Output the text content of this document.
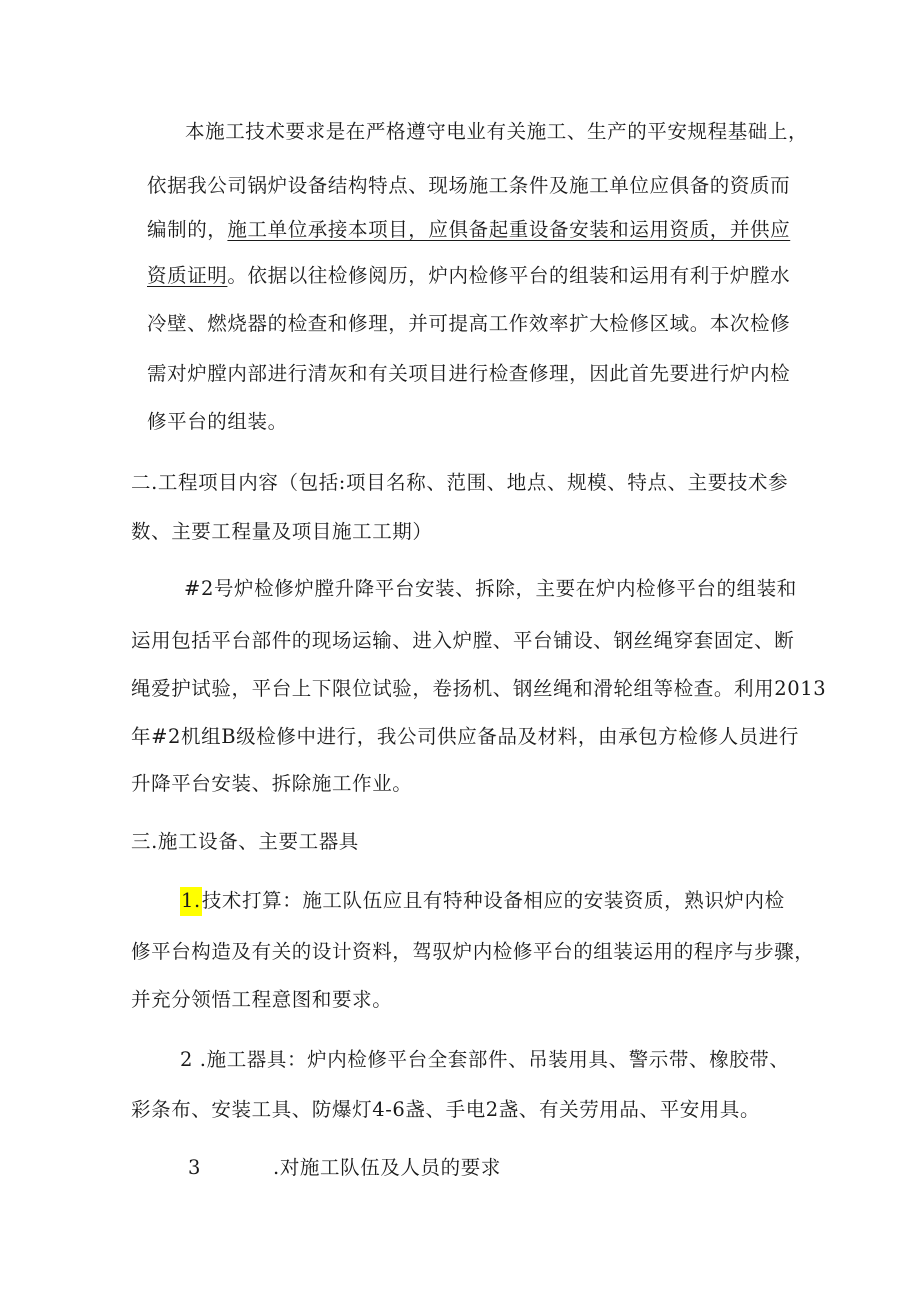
本施工技术要求是在严格遵守电业有关施工、生产的平安规程基础上，
依据我公司锅炉设备结构特点、现场施工条件及施工单位应俱备的资质而
编制的，施工单位承接本项目，应俱备起重设备安装和运用资质，并供应
资质证明。依据以往检修阅历，炉内检修平台的组装和运用有利于炉膛水
冷壁、燃烧器的检查和修理，并可提高工作效率扩大检修区域。本次检修
需对炉膛内部进行清灰和有关项目进行检查修理，因此首先要进行炉内检
修平台的组装。
二.工程项目内容（包括:项目名称、范围、地点、规模、特点、主要技术参
数、主要工程量及项目施工工期）
#2号炉检修炉膛升降平台安装、拆除，主要在炉内检修平台的组装和
运用包括平台部件的现场运输、进入炉膛、平台铺设、钢丝绳穿套固定、断
绳爱护试验，平台上下限位试验，卷扬机、钢丝绳和滑轮组等检查。利用2013
年#2机组B级检修中进行，我公司供应备品及材料，由承包方检修人员进行
升降平台安装、拆除施工作业。
三.施工设备、主要工器具
1.技术打算：施工队伍应且有特种设备相应的安装资质，熟识炉内检
修平台构造及有关的设计资料，驾驭炉内检修平台的组装运用的程序与步骤，
并充分领悟工程意图和要求。
2 .施工器具：炉内检修平台全套部件、吊装用具、警示带、橡胶带、
彩条布、安装工具、防爆灯4-6盏、手电2盏、有关劳用品、平安用具。
3	.对施工队伍及人员的要求
